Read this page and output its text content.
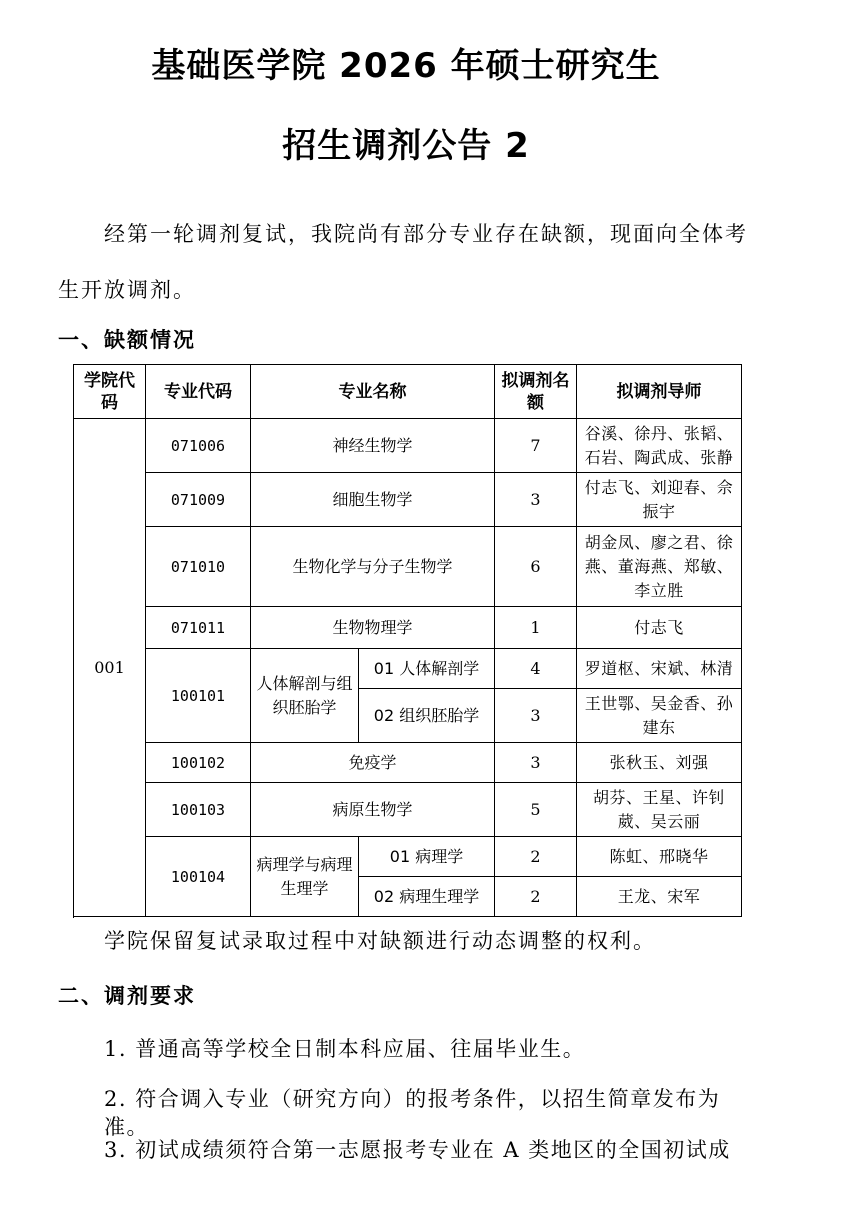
基础医学院 2026 年硕士研究生
招生调剂公告 2
经第一轮调剂复试，我院尚有部分专业存在缺额，现面向全体考生开放调剂。
一、缺额情况
学院代码	专业代码	专业名称		拟调剂名额	拟调剂导师
001	071006	神经生物学		7	谷溪、徐丹、张韬、石岩、陶武成、张静
	071009	细胞生物学		3	付志飞、刘迎春、佘振宇
	071010	生物化学与分子生物学		6	胡金凤、廖之君、徐燕、董海燕、郑敏、李立胜
	071011	生物物理学		1	付志飞
	100101	人体解剖与组织胚胎学	01 人体解剖学	4	罗道枢、宋斌、林清
			02 组织胚胎学	3	王世鄂、吴金香、孙建东
	100102	免疫学		3	张秋玉、刘强
	100103	病原生物学		5	胡芬、王星、许钊葳、吴云丽
	100104	病理学与病理生理学	01 病理学	2	陈虹、邢晓华
			02 病理生理学	2	王龙、宋军

学院保留复试录取过程中对缺额进行动态调整的权利。
二、调剂要求
1. 普通高等学校全日制本科应届、往届毕业生。
2. 符合调入专业（研究方向）的报考条件，以招生简章发布为准。
3. 初试成绩须符合第一志愿报考专业在 A 类地区的全国初试成
